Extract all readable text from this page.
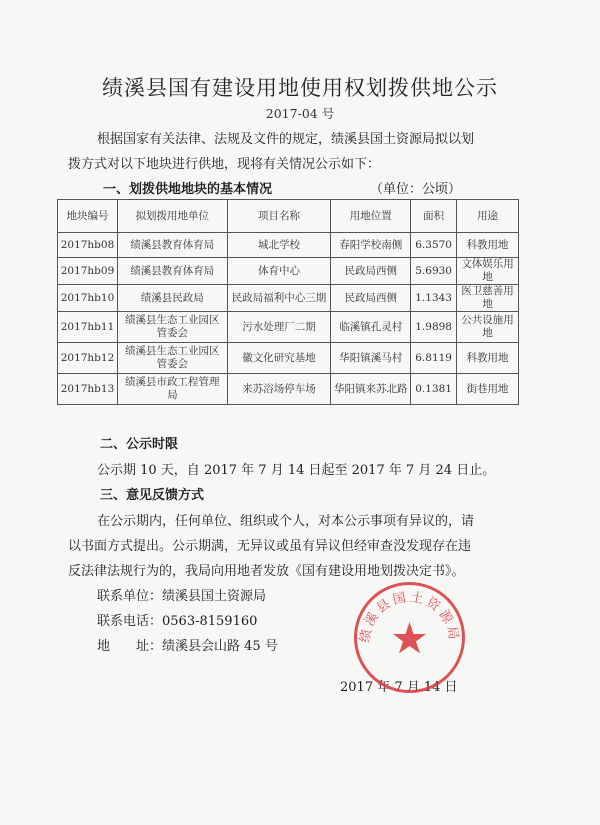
绩溪县国有建设用地使用权划拨供地公示
2017-04 号
根据国家有关法律、法规及文件的规定，绩溪县国土资源局拟以划
拨方式对以下地块进行供地，现将有关情况公示如下：
一、划拨供地地块的基本情况	（单位：公顷）
地块编号	拟划拨用地单位	项目名称	用地位置	面积	用途
2017hb08	绩溪县教育体育局	城北学校	春阳学校南侧	6.3570	科教用地
2017hb09	绩溪县教育体育局	体育中心	民政局西侧	5.6930	文体娱乐用地
2017hb10	绩溪县民政局	民政局福利中心三期	民政局西侧	1.1343	医卫慈善用地
2017hb11	绩溪县生态工业园区管委会	污水处理厂二期	临溪镇孔灵村	1.9898	公共设施用地
2017hb12	绩溪县生态工业园区管委会	徽文化研究基地	华阳镇溪马村	6.8119	科教用地
2017hb13	绩溪县市政工程管理局	来苏浴场停车场	华阳镇来苏北路	0.1381	街巷用地
二、公示时限
公示期 10 天，自 2017 年 7 月 14 日起至 2017 年 7 月 24 日止。
三、意见反馈方式
在公示期内，任何单位、组织或个人，对本公示事项有异议的，请
以书面方式提出。公示期满，无异议或虽有异议但经审查没发现存在违
反法律法规行为的，我局向用地者发放《国有建设用地划拨决定书》。
联系单位：绩溪县国土资源局
联系电话：0563-8159160
地　　址：绩溪县会山路 45 号
2017 年 7 月 14 日
绩溪县国土资源局
